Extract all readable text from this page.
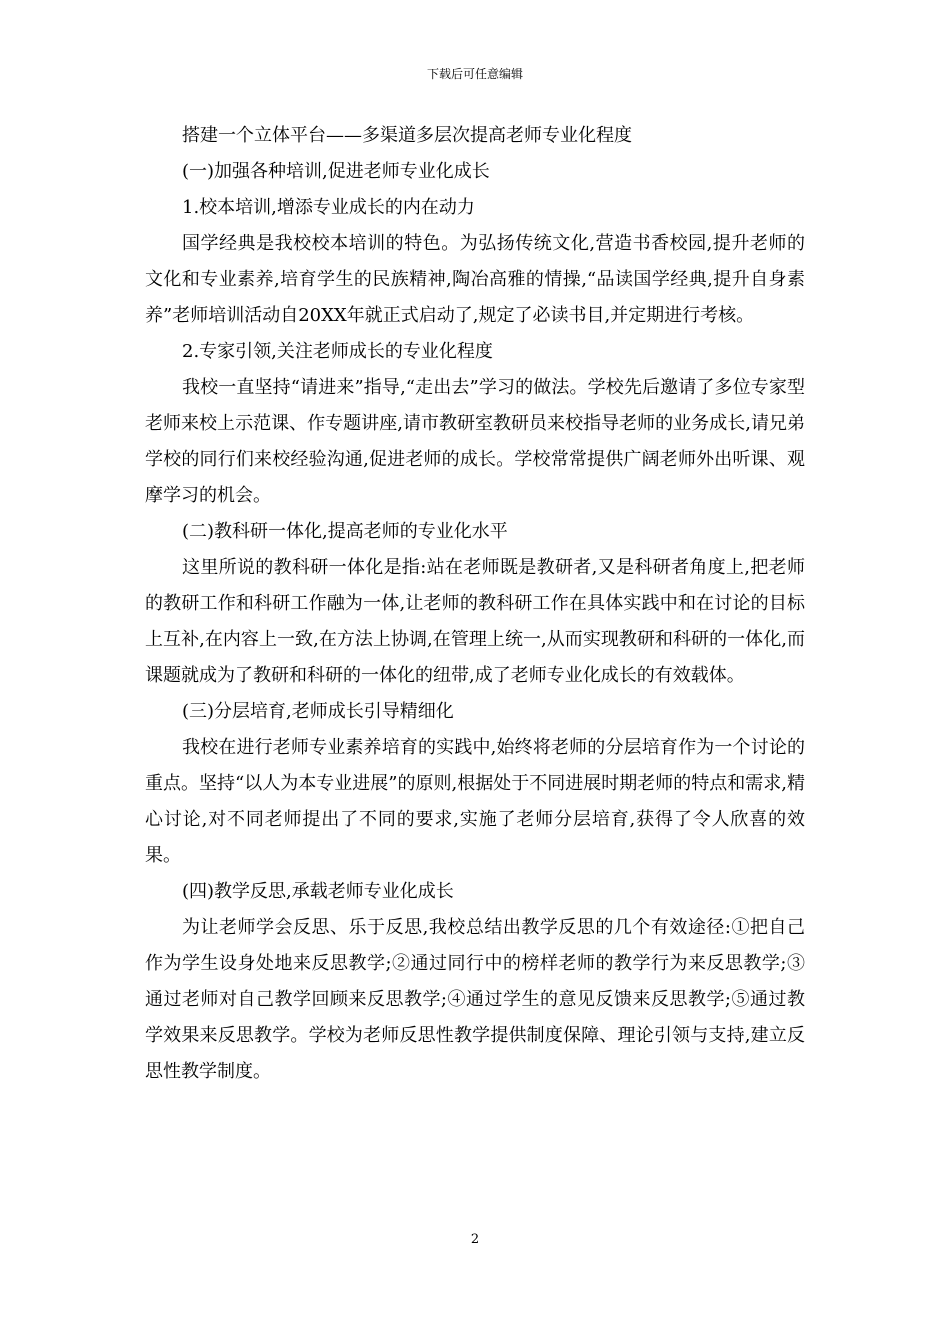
下载后可任意编辑

搭建一个立体平台——多渠道多层次提高老师专业化程度

(一)加强各种培训,促进老师专业化成长

1.校本培训,增添专业成长的内在动力

国学经典是我校校本培训的特色。为弘扬传统文化,营造书香校园,提升老师的文化和专业素养,培育学生的民族精神,陶冶高雅的情操,“品读国学经典,提升自身素养”老师培训活动自20XX年就正式启动了,规定了必读书目,并定期进行考核。

2.专家引领,关注老师成长的专业化程度

我校一直坚持“请进来”指导,“走出去”学习的做法。学校先后邀请了多位专家型老师来校上示范课、作专题讲座,请市教研室教研员来校指导老师的业务成长,请兄弟学校的同行们来校经验沟通,促进老师的成长。学校常常提供广阔老师外出听课、观摩学习的机会。

(二)教科研一体化,提高老师的专业化水平

这里所说的教科研一体化是指:站在老师既是教研者,又是科研者角度上,把老师的教研工作和科研工作融为一体,让老师的教科研工作在具体实践中和在讨论的目标上互补,在内容上一致,在方法上协调,在管理上统一,从而实现教研和科研的一体化,而课题就成为了教研和科研的一体化的纽带,成了老师专业化成长的有效载体。

(三)分层培育,老师成长引导精细化

我校在进行老师专业素养培育的实践中,始终将老师的分层培育作为一个讨论的重点。坚持“以人为本专业进展”的原则,根据处于不同进展时期老师的特点和需求,精心讨论,对不同老师提出了不同的要求,实施了老师分层培育,获得了令人欣喜的效果。

(四)教学反思,承载老师专业化成长

为让老师学会反思、乐于反思,我校总结出教学反思的几个有效途径:①把自己作为学生设身处地来反思教学;②通过同行中的榜样老师的教学行为来反思教学;③通过老师对自己教学回顾来反思教学;④通过学生的意见反馈来反思教学;⑤通过教学效果来反思教学。学校为老师反思性教学提供制度保障、理论引领与支持,建立反思性教学制度。

2
